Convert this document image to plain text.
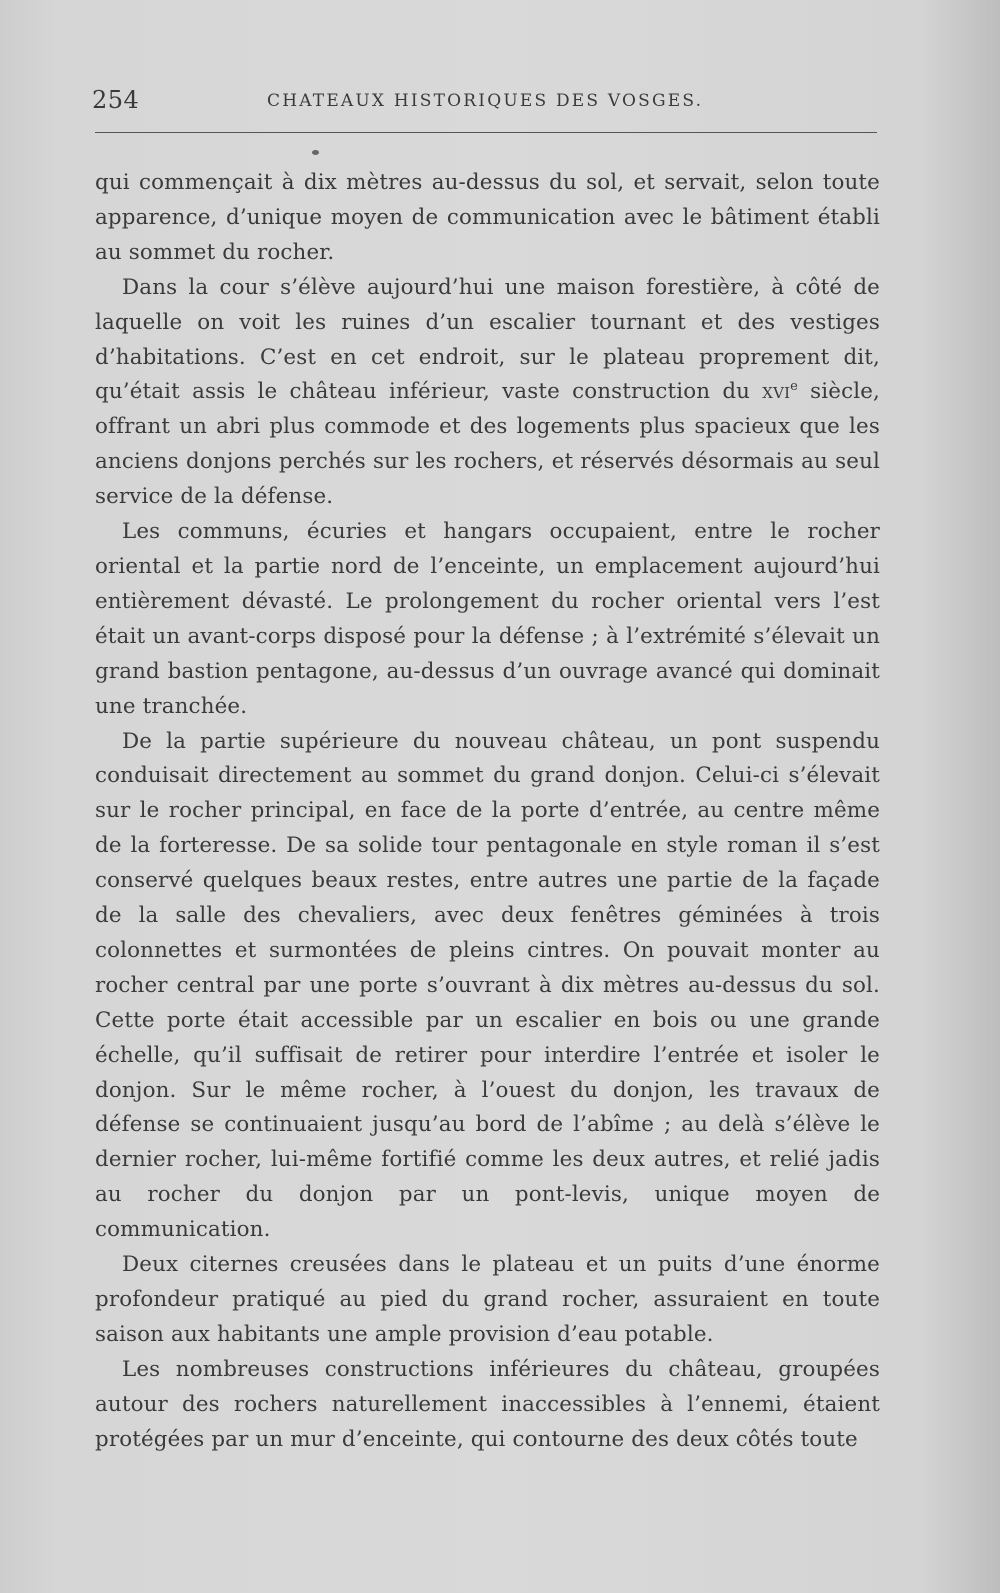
254	CHATEAUX HISTORIQUES DES VOSGES.

qui commençait à dix mètres au-dessus du sol, et servait, selon toute apparence, d’unique moyen de communication avec le bâtiment établi au sommet du rocher.

Dans la cour s’élève aujourd’hui une maison forestière, à côté de laquelle on voit les ruines d’un escalier tournant et des vestiges d’habitations. C’est en cet endroit, sur le plateau proprement dit, qu’était assis le château inférieur, vaste construction du xvi$^e$ siècle, offrant un abri plus commode et des logements plus spacieux que les anciens donjons perchés sur les rochers, et réservés désormais au seul service de la défense.

Les communs, écuries et hangars occupaient, entre le rocher oriental et la partie nord de l’enceinte, un emplacement aujourd’hui entièrement dévasté. Le prolongement du rocher oriental vers l’est était un avant-corps disposé pour la défense ; à l’extrémité s’élevait un grand bastion pentagone, au-dessus d’un ouvrage avancé qui dominait une tranchée.

De la partie supérieure du nouveau château, un pont suspendu conduisait directement au sommet du grand donjon. Celui-ci s’élevait sur le rocher principal, en face de la porte d’entrée, au centre même de la forteresse. De sa solide tour pentagonale en style roman il s’est conservé quelques beaux restes, entre autres une partie de la façade de la salle des chevaliers, avec deux fenêtres géminées à trois colonnettes et surmontées de pleins cintres. On pouvait monter au rocher central par une porte s’ouvrant à dix mètres au-dessus du sol. Cette porte était accessible par un escalier en bois ou une grande échelle, qu’il suffisait de retirer pour interdire l’entrée et isoler le donjon. Sur le même rocher, à l’ouest du donjon, les travaux de défense se continuaient jusqu’au bord de l’abîme ; au delà s’élève le dernier rocher, lui-même fortifié comme les deux autres, et relié jadis au rocher du donjon par un pont-levis, unique moyen de communication.

Deux citernes creusées dans le plateau et un puits d’une énorme profondeur pratiqué au pied du grand rocher, assuraient en toute saison aux habitants une ample provision d’eau potable.

Les nombreuses constructions inférieures du château, groupées autour des rochers naturellement inaccessibles à l’ennemi, étaient protégées par un mur d’enceinte, qui contourne des deux côtés toute
